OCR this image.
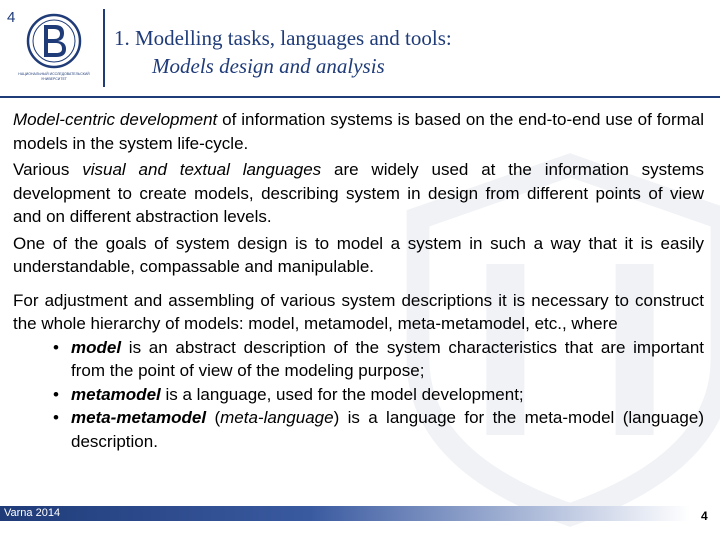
4
НАЦИОНАЛЬНЫЙ ИССЛЕДОВАТЕЛЬСКИЙ УНИВЕРСИТЕТ
1. Modelling tasks, languages and tools:
Models design and analysis

Model-centric development of information systems is based on the end-to-end use of formal models in the system life-cycle.

Various visual and textual languages are widely used at the information systems development to create models, describing system in design from different points of view and on different abstraction levels.

One of the goals of system design is to model a system in such a way that it is easily understandable, compassable and manipulable.

For adjustment and assembling of various system descriptions it is necessary to construct the whole hierarchy of models: model, metamodel, meta-metamodel, etc., where

• model is an abstract description of the system characteristics that are important from the point of view of the modeling purpose;
• metamodel is a language, used for the model development;
• meta-metamodel (meta-language) is a language for the meta-model (language) description.
Varna 2014	4
